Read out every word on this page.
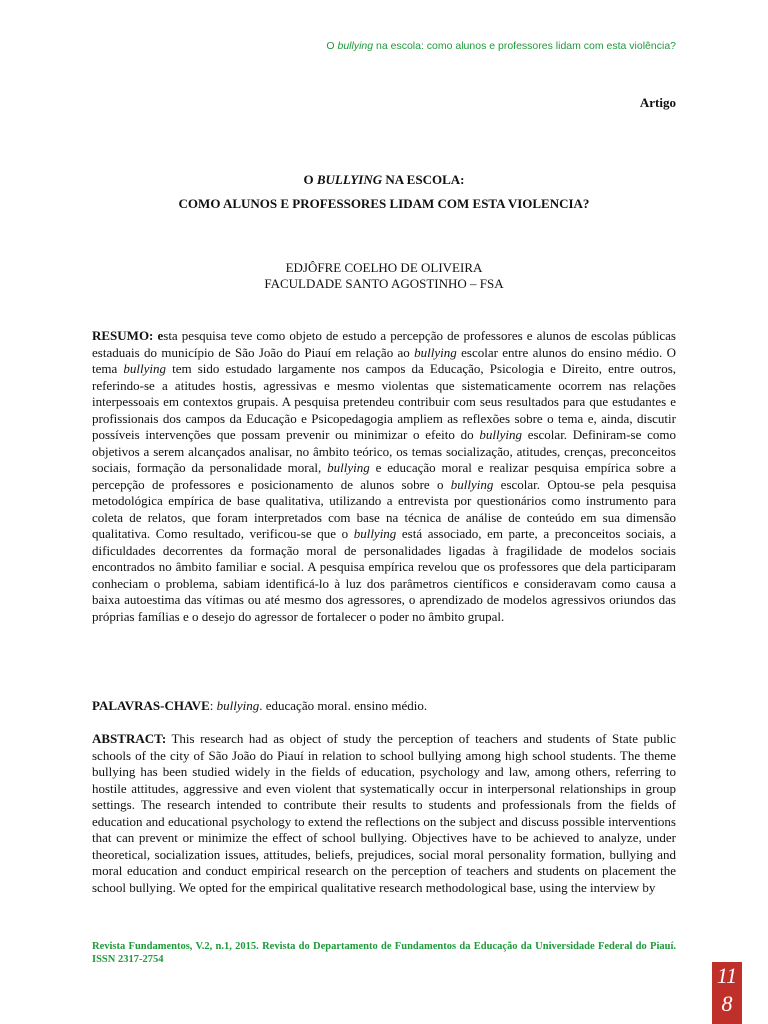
O bullying na escola: como alunos e professores lidam com esta violência?
Artigo
O BULLYING NA ESCOLA:
COMO ALUNOS E PROFESSORES LIDAM COM ESTA VIOLENCIA?
EDJÔFRE COELHO DE OLIVEIRA
FACULDADE SANTO AGOSTINHO – FSA
RESUMO: esta pesquisa teve como objeto de estudo a percepção de professores e alunos de escolas públicas estaduais do município de São João do Piauí em relação ao bullying escolar entre alunos do ensino médio. O tema bullying tem sido estudado largamente nos campos da Educação, Psicologia e Direito, entre outros, referindo-se a atitudes hostis, agressivas e mesmo violentas que sistematicamente ocorrem nas relações interpessoais em contextos grupais. A pesquisa pretendeu contribuir com seus resultados para que estudantes e profissionais dos campos da Educação e Psicopedagogia ampliem as reflexões sobre o tema e, ainda, discutir possíveis intervenções que possam prevenir ou minimizar o efeito do bullying escolar. Definiram-se como objetivos a serem alcançados analisar, no âmbito teórico, os temas socialização, atitudes, crenças, preconceitos sociais, formação da personalidade moral, bullying e educação moral e realizar pesquisa empírica sobre a percepção de professores e posicionamento de alunos sobre o bullying escolar. Optou-se pela pesquisa metodológica empírica de base qualitativa, utilizando a entrevista por questionários como instrumento para coleta de relatos, que foram interpretados com base na técnica de análise de conteúdo em sua dimensão qualitativa. Como resultado, verificou-se que o bullying está associado, em parte, a preconceitos sociais, a dificuldades decorrentes da formação moral de personalidades ligadas à fragilidade de modelos sociais encontrados no âmbito familiar e social. A pesquisa empírica revelou que os professores que dela participaram conheciam o problema, sabiam identificá-lo à luz dos parâmetros científicos e consideravam como causa a baixa autoestima das vítimas ou até mesmo dos agressores, o aprendizado de modelos agressivos oriundos das próprias famílias e o desejo do agressor de fortalecer o poder no âmbito grupal.
PALAVRAS-CHAVE: bullying. educação moral. ensino médio.
ABSTRACT: This research had as object of study the perception of teachers and students of State public schools of the city of São João do Piauí in relation to school bullying among high school students. The theme bullying has been studied widely in the fields of education, psychology and law, among others, referring to hostile attitudes, aggressive and even violent that systematically occur in interpersonal relationships in group settings. The research intended to contribute their results to students and professionals from the fields of education and educational psychology to extend the reflections on the subject and discuss possible interventions that can prevent or minimize the effect of school bullying. Objectives have to be achieved to analyze, under theoretical, socialization issues, attitudes, beliefs, prejudices, social moral personality formation, bullying and moral education and conduct empirical research on the perception of teachers and students on placement the school bullying. We opted for the empirical qualitative research methodological base, using the interview by
Revista Fundamentos, V.2, n.1, 2015. Revista do Departamento de Fundamentos da Educação da Universidade Federal do Piauí. ISSN 2317-2754
11
8
